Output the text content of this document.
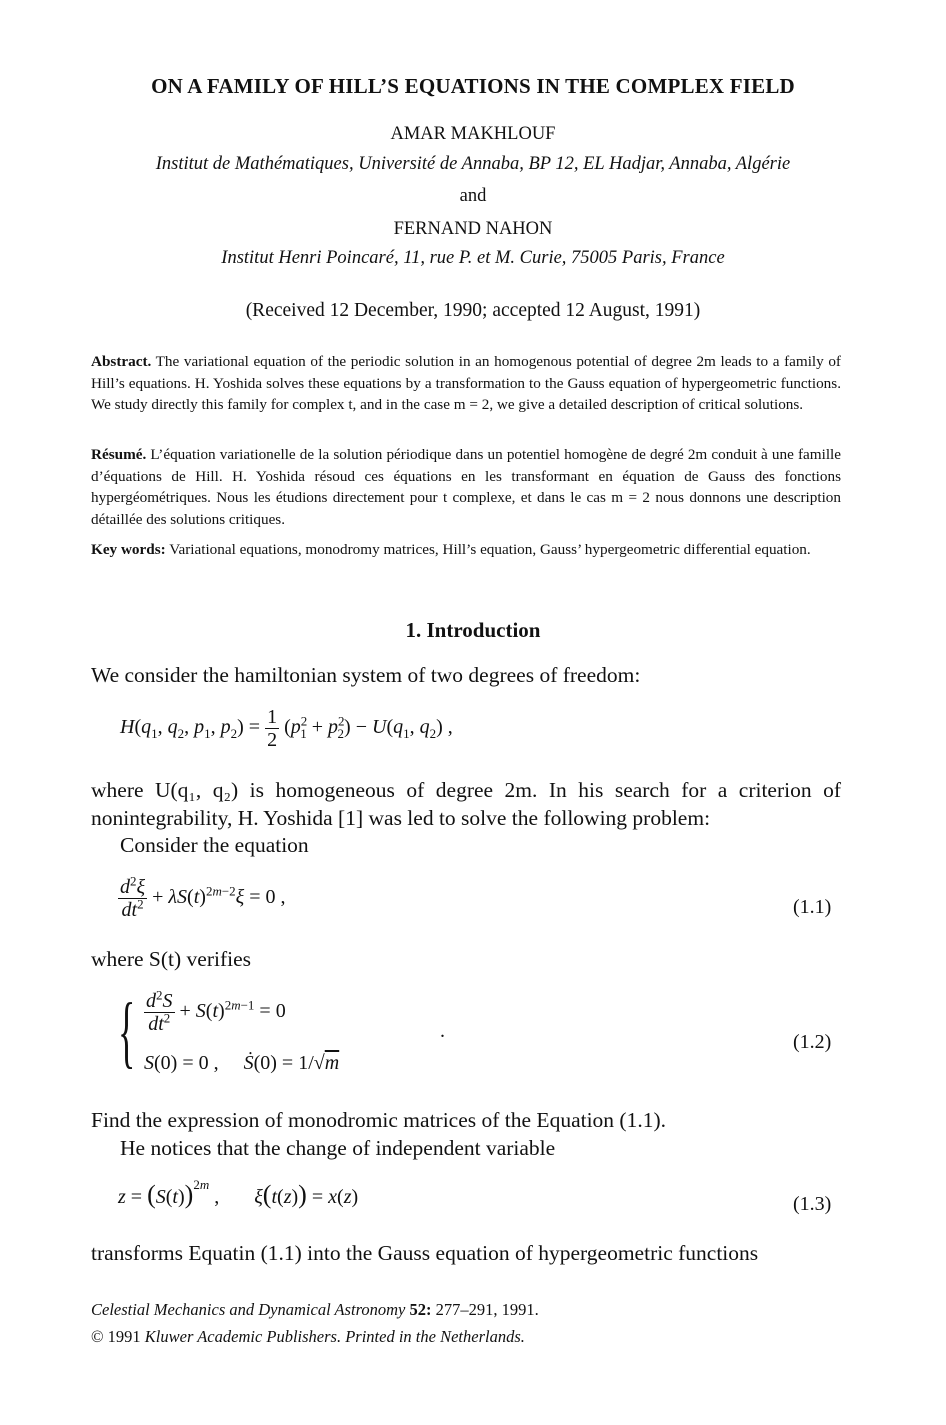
ON A FAMILY OF HILL’S EQUATIONS IN THE COMPLEX FIELD
AMAR MAKHLOUF
Institut de Mathématiques, Université de Annaba, BP 12, EL Hadjar, Annaba, Algérie
and
FERNAND NAHON
Institut Henri Poincaré, 11, rue P. et M. Curie, 75005 Paris, France
(Received 12 December, 1990; accepted 12 August, 1991)
Abstract. The variational equation of the periodic solution in an homogenous potential of degree 2m leads to a family of Hill’s equations. H. Yoshida solves these equations by a transformation to the Gauss equation of hypergeometric functions. We study directly this family for complex t, and in the case m = 2, we give a detailed description of critical solutions.
Résumé. L’équation variationelle de la solution périodique dans un potentiel homogène de degré 2m conduit à une famille d’équations de Hill. H. Yoshida résoud ces équations en les transformant en équation de Gauss des fonctions hypergéométriques. Nous les étudions directement pour t complexe, et dans le cas m = 2 nous donnons une description détaillée des solutions critiques.
Key words: Variational equations, monodromy matrices, Hill’s equation, Gauss’ hypergeometric differential equation.
1. Introduction
We consider the hamiltonian system of two degrees of freedom:
$H(q_1$, $q_2$, $p_1$, $p_2) = \frac{1}{2} (p^2_1 + p^2_2) - U(q_1$, $q_2$) ,
where U(q₁, q₂) is homogeneous of degree 2m. In his search for a criterion of nonintegrability, H. Yoshida [1] was led to solve the following problem:
Consider the equation
$\frac{d^2\xi}{dt^2} + \lambda S(t)^{2m-2}\xi = 0$ ,	(1.1)
where S(t) verifies
{ $\frac{d^2S}{dt^2} + S(t)^{2m-1} = 0$
S(0) = 0 ,     Ṡ(0) = 1/√m
.	(1.2)
Find the expression of monodromic matrices of the Equation (1.1).
He notices that the change of independent variable
$z = (S(t))^{2m}$ ,       ξ(t(z)) = x(z)	(1.3)
transforms Equatin (1.1) into the Gauss equation of hypergeometric functions
Celestial Mechanics and Dynamical Astronomy 52: 277–291, 1991.
© 1991 Kluwer Academic Publishers. Printed in the Netherlands.
